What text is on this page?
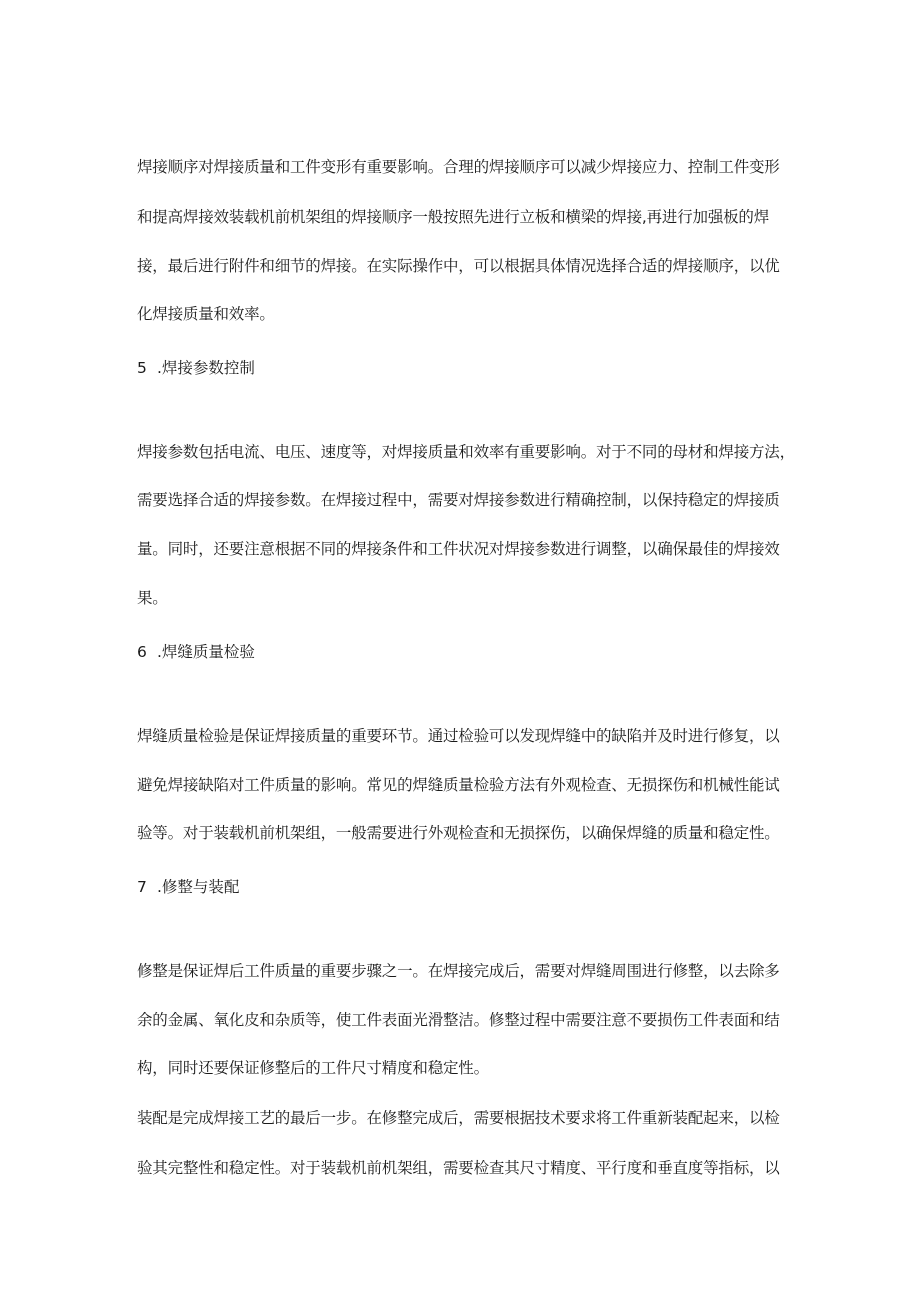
焊接顺序对焊接质量和工件变形有重要影响。合理的焊接顺序可以减少焊接应力、控制工件变形
和提高焊接效装载机前机架组的焊接顺序一般按照先进行立板和横梁的焊接,再进行加强板的焊
接，最后进行附件和细节的焊接。在实际操作中，可以根据具体情况选择合适的焊接顺序，以优
化焊接质量和效率。
5 .焊接参数控制
焊接参数包括电流、电压、速度等，对焊接质量和效率有重要影响。对于不同的母材和焊接方法，
需要选择合适的焊接参数。在焊接过程中，需要对焊接参数进行精确控制，以保持稳定的焊接质
量。同时，还要注意根据不同的焊接条件和工件状况对焊接参数进行调整，以确保最佳的焊接效
果。
6 .焊缝质量检验
焊缝质量检验是保证焊接质量的重要环节。通过检验可以发现焊缝中的缺陷并及时进行修复，以
避免焊接缺陷对工件质量的影响。常见的焊缝质量检验方法有外观检查、无损探伤和机械性能试
验等。对于装载机前机架组，一般需要进行外观检查和无损探伤，以确保焊缝的质量和稳定性。
7 .修整与装配
修整是保证焊后工件质量的重要步骤之一。在焊接完成后，需要对焊缝周围进行修整，以去除多
余的金属、氧化皮和杂质等，使工件表面光滑整洁。修整过程中需要注意不要损伤工件表面和结
构，同时还要保证修整后的工件尺寸精度和稳定性。
装配是完成焊接工艺的最后一步。在修整完成后，需要根据技术要求将工件重新装配起来，以检
验其完整性和稳定性。对于装载机前机架组，需要检查其尺寸精度、平行度和垂直度等指标，以
